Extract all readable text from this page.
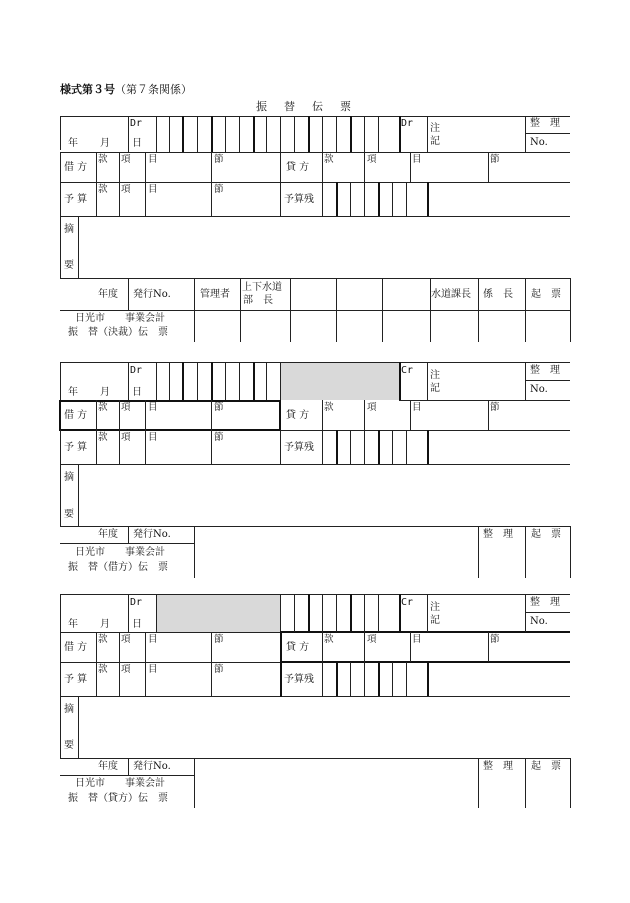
様式第３号（第７条関係）
振替伝票
Dr	Dr
年　月　日
注
記
整　理
No.
借 方
款 項 目	節
貸 方
款	項	目	節
予 算
款 項 目	節
予算残
摘
要
年度 発行No.	管理者
上下水道
部　長
水道課長 係　長 起　票
日光市　　事業会計
振　替（決裁）伝　票
Dr	Cr
年　月　日
注
記
整　理
No.
借 方
款 項 目	節
貸 方
款	項	目	節
予 算
款 項 目	節
予算残
摘
要
年度 発行No.	整　理 起　票
日光市　　事業会計
振　替（借方）伝　票
Dr	Cr
年　月　日
注
記
整　理
No.
借 方
款 項 目	節
貸 方
款	項	目	節
予 算
款 項 目	節
予算残
摘
要
年度 発行No.	整　理 起　票
日光市　　事業会計
振　替（貸方）伝　票
